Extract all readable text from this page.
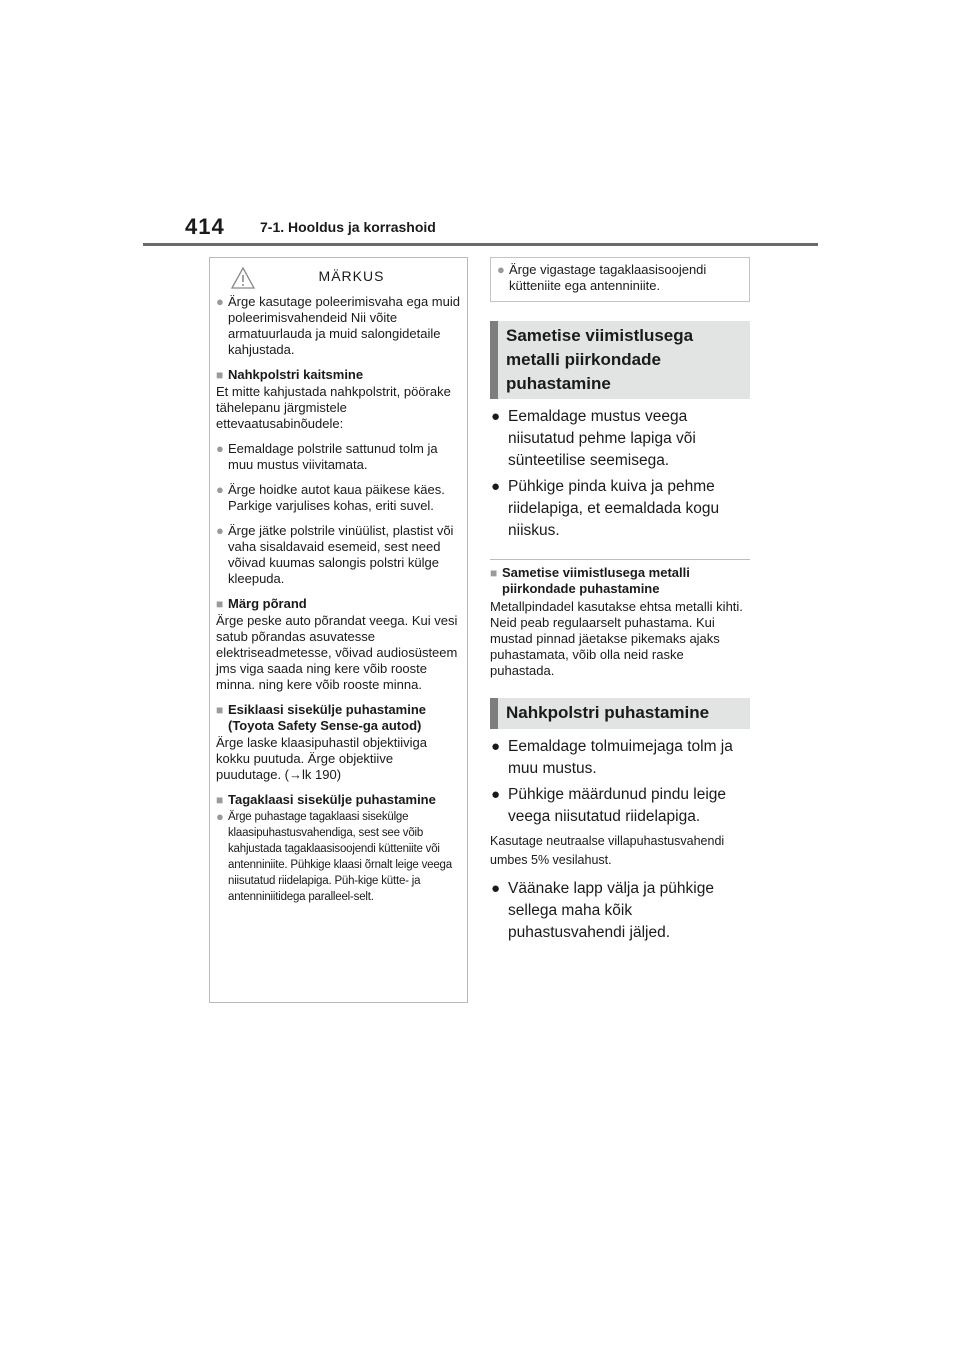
414	7-1. Hooldus ja korrashoid
MÄRKUS
● Ärge kasutage poleerimisvaha ega muid poleerimisvahendeid Nii võite armatuurlauda ja muid salongidetaile kahjustada.
■ Nahkpolstri kaitsmine
Et mitte kahjustada nahkpolstrit, pöörake tähelepanu järgmistele ettevaatusabinõudele:
● Eemaldage polstrile sattunud tolm ja muu mustus viivitamata.
● Ärge hoidke autot kaua päikese käes. Parkige varjulises kohas, eriti suvel.
● Ärge jätke polstrile vinüülist, plastist või vaha sisaldavaid esemeid, sest need võivad kuumas salongis polstri külge kleepuda.
■ Märg põrand
Ärge peske auto põrandat veega. Kui vesi satub põrandas asuvatesse elektriseadmetesse, võivad audiosüsteem jms viga saada ning kere võib rooste minna. ning kere võib rooste minna.
■ Esiklaasi sisekülje puhastamine (Toyota Safety Sense-ga autod)
Ärge laske klaasipuhastil objektiiviga kokku puutuda. Ärge objektiive puudutage. (→lk 190)
■ Tagaklaasi sisekülje puhastamine
● Ärge puhastage tagaklaasi sisekülge klaasipuhastusvahendiga, sest see võib kahjustada tagaklaasisoojendi kütteniite või antenniniite. Pühkige klaasi õrnalt leige veega niisutatud riidelapiga. Püh-kige kütte- ja antenniniitidega paralleel-selt.
● Ärge vigastage tagaklaasisoojendi kütteniite ega antenniniite.
Sametise viimistlusega metalli piirkondade puhastamine
● Eemaldage mustus veega niisutatud pehme lapiga või sünteetilise seemisega.
● Pühkige pinda kuiva ja pehme riidelapiga, et eemaldada kogu niiskus.
■ Sametise viimistlusega metalli piirkondade puhastamine
Metallpindadel kasutakse ehtsa metalli kihti. Neid peab regulaarselt puhastama. Kui mustad pinnad jäetakse pikemaks ajaks puhastamata, võib olla neid raske puhastada.
Nahkpolstri puhastamine
● Eemaldage tolmuimejaga tolm ja muu mustus.
● Pühkige määrdunud pindu leige veega niisutatud riidelapiga.
Kasutage neutraalse villapuhastusvahendi umbes 5% vesilahust.
● Väänake lapp välja ja pühkige sellega maha kõik puhastusvahendi jäljed.
